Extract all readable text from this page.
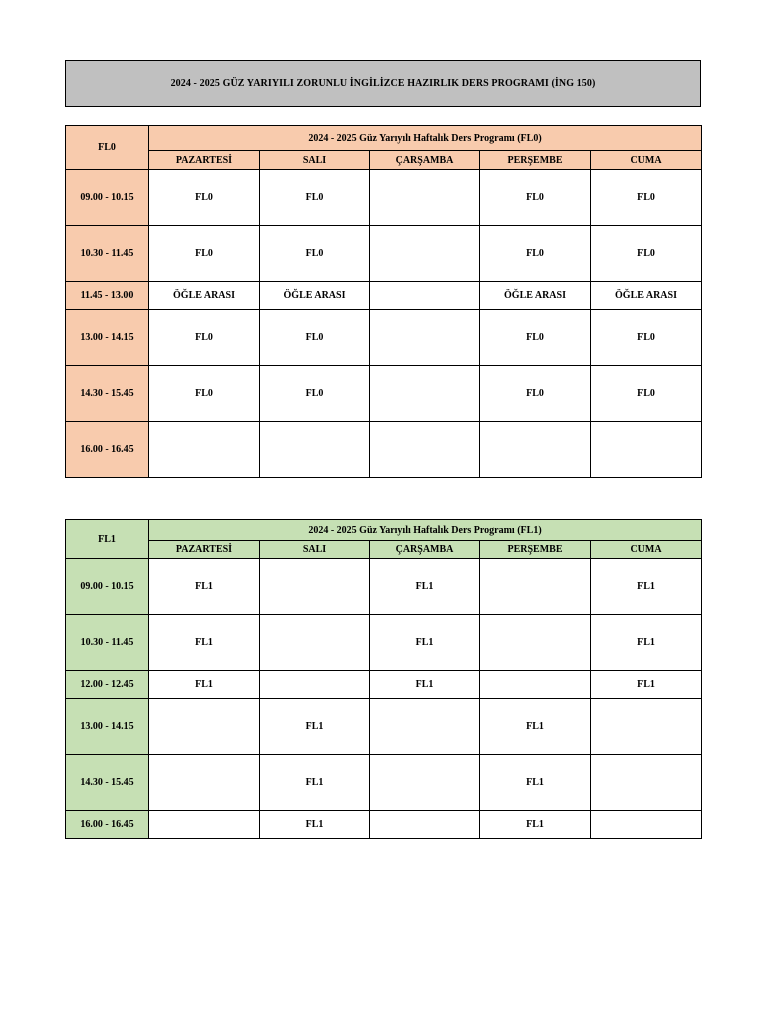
2024 - 2025 GÜZ YARIYILI ZORUNLU İNGİLİZCE HAZIRLIK DERS PROGRAMI (İNG 150)
FL0	2024 - 2025 Güz Yarıyılı Haftalık Ders Programı (FL0)				
	PAZARTESİ	SALI	ÇARŞAMBA	PERŞEMBE	CUMA
09.00 - 10.15	FL0	FL0		FL0	FL0
10.30 - 11.45	FL0	FL0		FL0	FL0
11.45 - 13.00	ÖĞLE ARASI	ÖĞLE ARASI		ÖĞLE ARASI	ÖĞLE ARASI
13.00 - 14.15	FL0	FL0		FL0	FL0
14.30 - 15.45	FL0	FL0		FL0	FL0
16.00 - 16.45					
FL1	2024 - 2025 Güz Yarıyılı Haftalık Ders Programı (FL1)				
	PAZARTESİ	SALI	ÇARŞAMBA	PERŞEMBE	CUMA
09.00 - 10.15	FL1		FL1		FL1
10.30 - 11.45	FL1		FL1		FL1
12.00 - 12.45	FL1		FL1		FL1
13.00 - 14.15		FL1		FL1	
14.30 - 15.45		FL1		FL1	
16.00 - 16.45		FL1		FL1	
